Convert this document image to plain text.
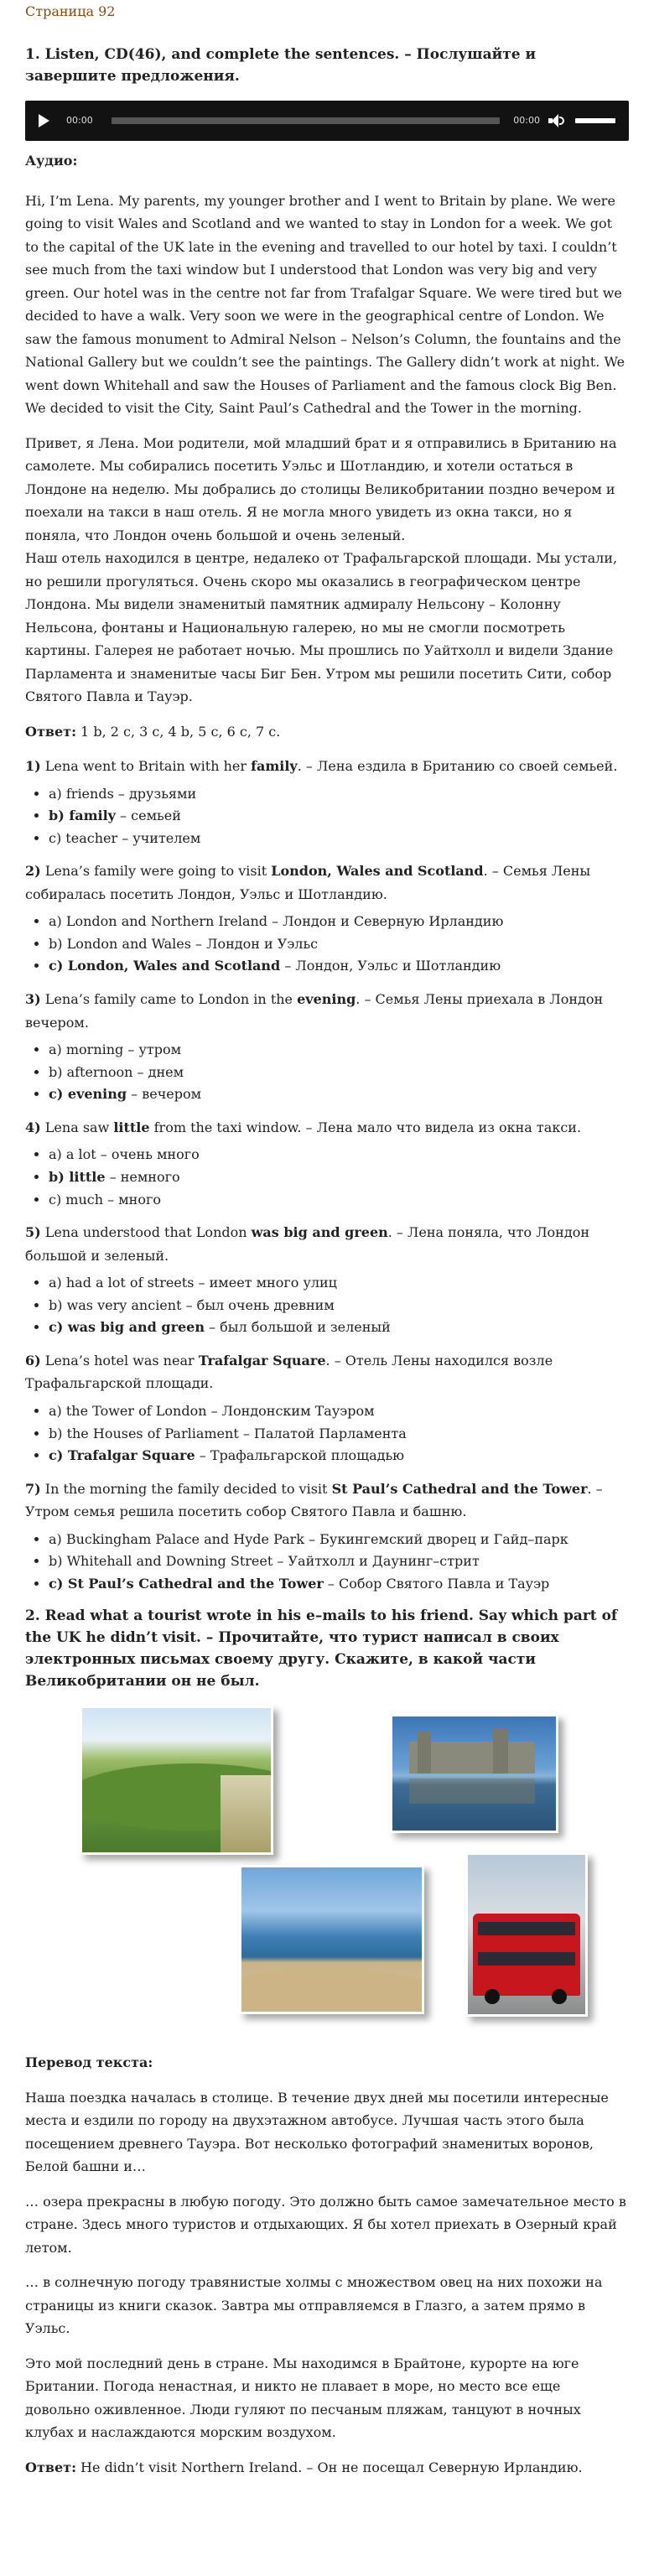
Страница 92
1. Listen, CD(46), and complete the sentences. – Послушайте и завершите предложения.
00:00	00:00
Аудио:

Hi, I’m Lena. My parents, my younger brother and I went to Britain by plane. We were going to visit Wales and Scotland and we wanted to stay in London for a week. We got to the capital of the UK late in the evening and travelled to our hotel by taxi. I couldn’t see much from the taxi window but I understood that London was very big and very green. Our hotel was in the centre not far from Trafalgar Square. We were tired but we decided to have a walk. Very soon we were in the geographical centre of London. We saw the famous monument to Admiral Nelson – Nelson’s Column, the fountains and the National Gallery but we couldn’t see the paintings. The Gallery didn’t work at night. We went down Whitehall and saw the Houses of Parliament and the famous clock Big Ben. We decided to visit the City, Saint Paul’s Cathedral and the Tower in the morning.

Привет, я Лена. Мои родители, мой младший брат и я отправились в Британию на самолете. Мы собирались посетить Уэльс и Шотландию, и хотели остаться в Лондоне на неделю. Мы добрались до столицы Великобритании поздно вечером и поехали на такси в наш отель. Я не могла много увидеть из окна такси, но я поняла, что Лондон очень большой и очень зеленый.

Наш отель находился в центре, недалеко от Трафальгарской площади. Мы устали, но решили прогуляться. Очень скоро мы оказались в географическом центре Лондона. Мы видели знаменитый памятник адмиралу Нельсону – Колонну Нельсона, фонтаны и Национальную галерею, но мы не смогли посмотреть картины. Галерея не работает ночью. Мы прошлись по Уайтхолл и видели Здание Парламента и знаменитые часы Биг Бен. Утром мы решили посетить Сити, собор Святого Павла и Тауэр.

Ответ: 1 b, 2 c, 3 c, 4 b, 5 c, 6 c, 7 c.

1) Lena went to Britain with her family. – Лена ездила в Британию со своей семьей.

• a) friends – друзьями
• b) family – семьей
• c) teacher – учителем

2) Lena’s family were going to visit London, Wales and Scotland. – Семья Лены собиралась посетить Лондон, Уэльс и Шотландию.

• a) London and Northern Ireland – Лондон и Северную Ирландию
• b) London and Wales – Лондон и Уэльс
• c) London, Wales and Scotland – Лондон, Уэльс и Шотландию

3) Lena’s family came to London in the evening. – Семья Лены приехала в Лондон вечером.

• a) morning – утром
• b) afternoon – днем
• c) evening – вечером

4) Lena saw little from the taxi window. – Лена мало что видела из окна такси.

• a) a lot – очень много
• b) little – немного
• c) much – много

5) Lena understood that London was big and green. – Лена поняла, что Лондон большой и зеленый.

• a) had a lot of streets – имеет много улиц
• b) was very ancient – был очень древним
• c) was big and green – был большой и зеленый

6) Lena’s hotel was near Trafalgar Square. – Отель Лены находился возле Трафальгарской площади.

• a) the Tower of London – Лондонским Тауэром
• b) the Houses of Parliament – Палатой Парламента
• c) Trafalgar Square – Трафальгарской площадью

7) In the morning the family decided to visit St Paul’s Cathedral and the Tower. – Утром семья решила посетить собор Святого Павла и башню.

• a) Buckingham Palace and Hyde Park – Букингемский дворец и Гайд–парк
• b) Whitehall and Downing Street – Уайтхолл и Даунинг–стрит
• c) St Paul’s Cathedral and the Tower – Собор Святого Павла и Тауэр

2. Read what a tourist wrote in his e–mails to his friend. Say which part of the UK he didn’t visit. – Прочитайте, что турист написал в своих электронных письмах своему другу. Скажите, в какой части Великобритании он не был.

Перевод текста:

Наша поездка началась в столице. В течение двух дней мы посетили интересные места и ездили по городу на двухэтажном автобусе. Лучшая часть этого была посещением древнего Тауэра. Вот несколько фотографий знаменитых воронов, Белой башни и…

… озера прекрасны в любую погоду. Это должно быть самое замечательное место в стране. Здесь много туристов и отдыхающих. Я бы хотел приехать в Озерный край летом.

… в солнечную погоду травянистые холмы с множеством овец на них похожи на страницы из книги сказок. Завтра мы отправляемся в Глазго, а затем прямо в Уэльс.

Это мой последний день в стране. Мы находимся в Брайтоне, курорте на юге Британии. Погода ненастная, и никто не плавает в море, но место все еще довольно оживленное. Люди гуляют по песчаным пляжам, танцуют в ночных клубах и наслаждаются морским воздухом.

Ответ: He didn’t visit Northern Ireland. – Он не посещал Северную Ирландию.
